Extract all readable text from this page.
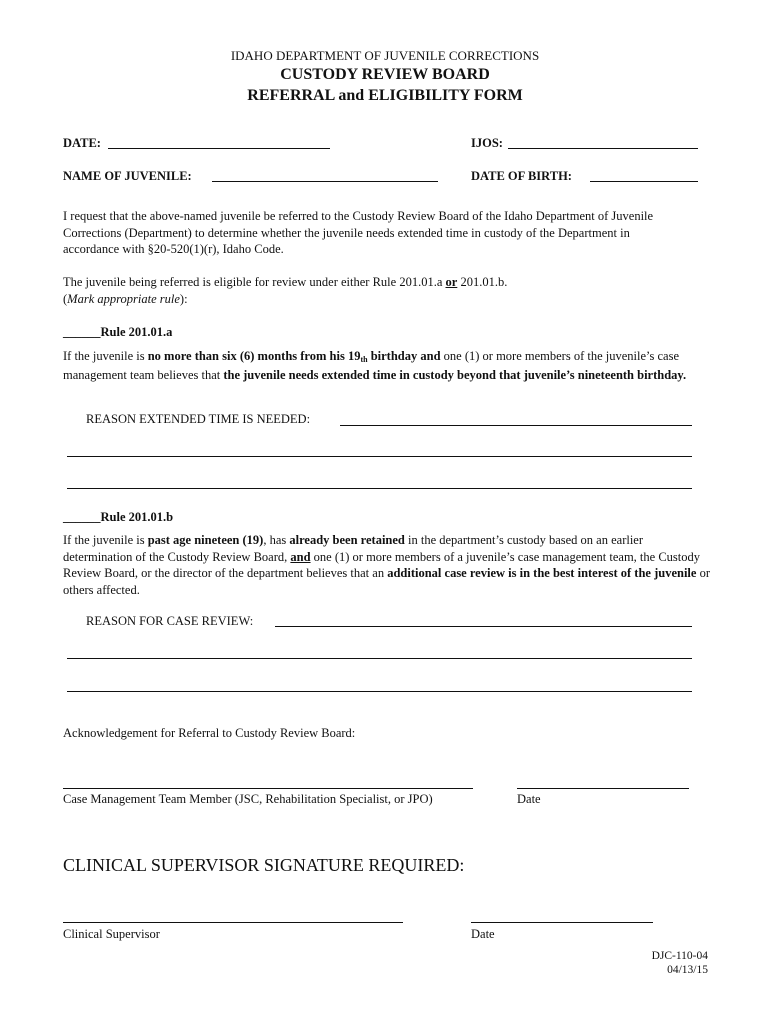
IDAHO DEPARTMENT OF JUVENILE CORRECTIONS
CUSTODY REVIEW BOARD
REFERRAL and ELIGIBILITY FORM
DATE:	IJOS:
NAME OF JUVENILE:	DATE OF BIRTH:
I request that the above-named juvenile be referred to the Custody Review Board of the Idaho Department of Juvenile Corrections (Department) to determine whether the juvenile needs extended time in custody of the Department in accordance with §20-520(1)(r), Idaho Code.
The juvenile being referred is eligible for review under either Rule 201.01.a or 201.01.b.
(Mark appropriate rule):
______Rule 201.01.a
If the juvenile is no more than six (6) months from his 19th birthday and one (1) or more members of the juvenile’s case management team believes that the juvenile needs extended time in custody beyond that juvenile’s nineteenth birthday.
REASON EXTENDED TIME IS NEEDED:
______Rule 201.01.b
If the juvenile is past age nineteen (19), has already been retained in the department’s custody based on an earlier determination of the Custody Review Board, and one (1) or more members of a juvenile’s case management team, the Custody Review Board, or the director of the department believes that an additional case review is in the best interest of the juvenile or others affected.
REASON FOR CASE REVIEW:
Acknowledgement for Referral to Custody Review Board:
Case Management Team Member (JSC, Rehabilitation Specialist, or JPO)	Date
CLINICAL SUPERVISOR SIGNATURE REQUIRED:
Clinical Supervisor	Date
DJC-110-04
04/13/15
